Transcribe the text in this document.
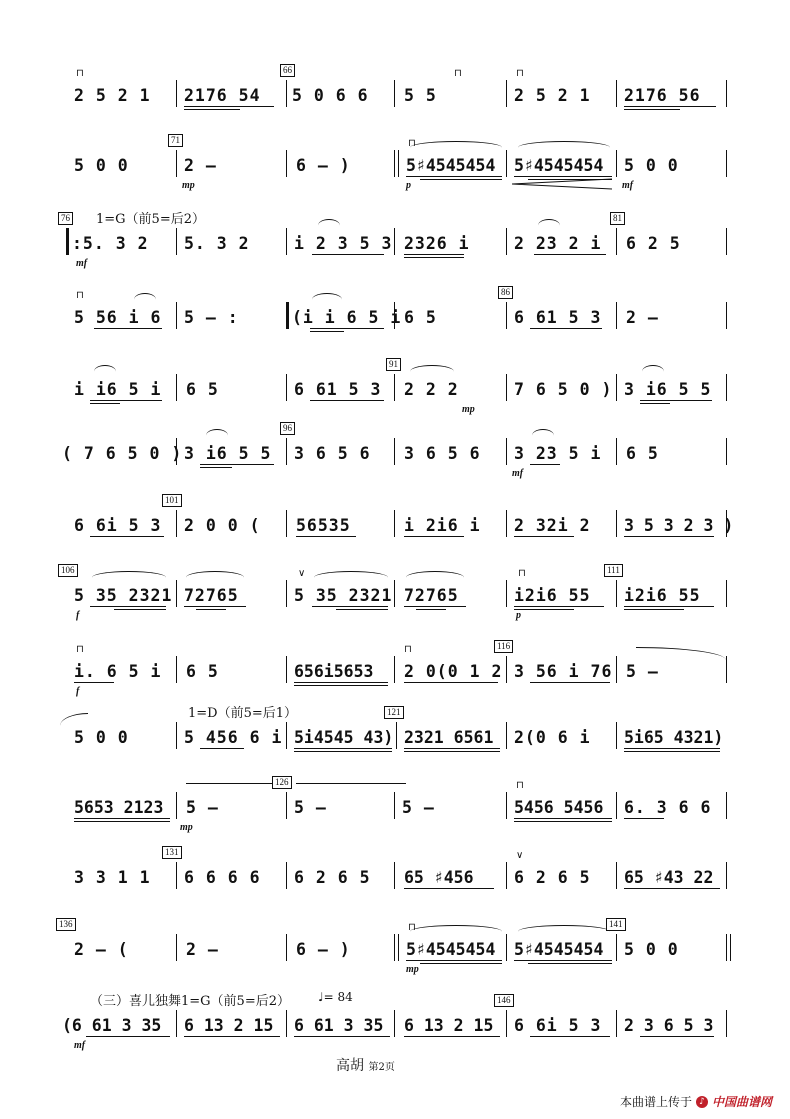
⊓
2 5 2 1 2176 54
66
5 0 6 6 5 5
⊓	⊓
2 5 2 1 2176 56
5 0 0
71
2 –
mp
6 – )
⊓
5♯4545454
p
5♯4545454 5 0 0
mf
1=G（前5=后2）
76
:5. 3 2
mf
5. 3 2	i 2 3 5 3 2326 i	2 23 2 i
81
6 2 5
⊓
5 56 i 6 5 – :	(i i 6 5 i 6 5
86
6 61 5 3 2 –
i i6 5 i 6 5	6 61 5 3
91
2 2 2
mp
7 6 5 0 ) 3 i6 5 5
( 7 6 5 0 ) 3 i6 5 5
96
3 6 5 6 3 6 5 6 3 23 5 i
mf
6 5
6 6i 5 3
101
2 0 0 ( 56535	i 2i6 i 2 32i 2 3 5 3 2 3 )
106
5 35 2321
f
72765
∨
5 35 2321 72765
⊓
i2i6 55
p
111
i2i6 55
⊓
i. 6 5 i
f
6 5	656i5653
⊓
2 0(0 1 2
116
3 56 i 76 5 –
5 0 0
1=D（前5=后1）
5 456 6 i 5i4545 43)
121
2321 6561 2(0 6 i 5i65 4321)
5653 2123 5 –
mp
126
5 –	5 –
⊓
5456 5456 6. 3 6 6
3 3 1 1
131
6 6 6 6 6 2 6 5 65 ♯456
∨
6 2 6 5 65 ♯43 22
136
2 – (	2 –	6 – )
⊓
5♯4545454
mp
5♯4545454
141
5 0 0
（三）喜儿独舞1=G（前5=后2） ♩= 84
(6 61 3 35
mf
6 13 2 15 6 61 3 35 6 13 2 15
146
6 6i 5 3 2 3 6 5 3
高胡 第2页
本曲谱上传于 ♪ 中国曲谱网
